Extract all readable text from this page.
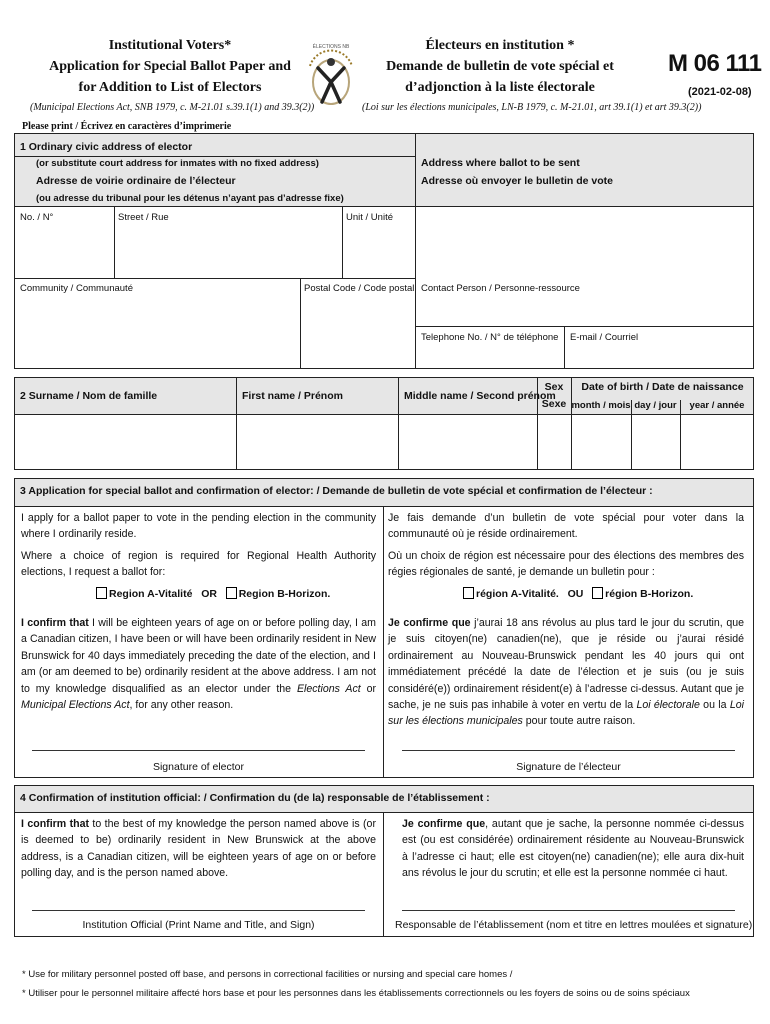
Institutional Voters*
Application for Special Ballot Paper and
for Addition to List of Electors
(Municipal Elections Act, SNB 1979, c. M-21.01 s.39.1(1) and 39.3(2))
ÉLECTIONS NB	Électeurs en institution *
Demande de bulletin de vote spécial et
d’adjonction à la liste électorale
(Loi sur les élections municipales, LN-B 1979, c. M-21.01, art 39.1(1) et art 39.3(2))
M 06 111
(2021-02-08)
Please print / Écrivez en caractères d’imprimerie
1 Ordinary civic address of elector
(or substitute court address for inmates with no fixed address)
Adresse de voirie ordinaire de l’électeur
(ou adresse du tribunal pour les détenus n’ayant pas d’adresse fixe)
No. / N°	Street / Rue	Unit / Unité
Community / Communauté	Postal Code / Code postal
Address where ballot to be sent
Adresse où envoyer le bulletin de vote
Contact Person / Personne-ressource
Telephone No. / N° de téléphone E-mail / Courriel
2 Surname / Nom de famille	First name / Prénom	Middle name / Second prénom
Sex
Sexe
Date of birth / Date de naissance
month / mois day / jour	year / année
3 Application for special ballot and confirmation of elector: / Demande de bulletin de vote spécial et confirmation de l’électeur :
I apply for a ballot paper to vote in the pending election in the community where I ordinarily reside.
Je fais demande d’un bulletin de vote spécial pour voter dans la communauté où je réside ordinairement.
Where a choice of region is required for Regional Health Authority elections, I request a ballot for:
Où un choix de région est nécessaire pour des élections des membres des régies régionales de santé, je demande un bulletin pour :
Region A-Vitalité OR Region B-Horizon.	région A-Vitalité. OU région B-Horizon.
I confirm that I will be eighteen years of age on or before polling day, I am a Canadian citizen, I have been or will have been ordinarily resident in New Brunswick for 40 days immediately preceding the date of the election, and I am (or am deemed to be) ordinarily resident at the above address. I am not to my knowledge disqualified as an elector under the Elections Act or Municipal Elections Act, for any other reason.
Je confirme que j’aurai 18 ans révolus au plus tard le jour du scrutin, que je suis citoyen(ne) canadien(ne), que je réside ou j’aurai résidé ordinairement au Nouveau-Brunswick pendant les 40 jours qui ont immédiatement précédé la date de l’élection et je suis (ou je suis considéré(e)) ordinairement résident(e) à l’adresse ci-dessus. Autant que je sache, je ne suis pas inhabile à voter en vertu de la Loi électorale ou la Loi sur les élections municipales pour toute autre raison.
Signature of elector	Signature de l’électeur
4 Confirmation of institution official: / Confirmation du (de la) responsable de l’établissement :
I confirm that to the best of my knowledge the person named above is (or is deemed to be) ordinarily resident in New Brunswick at the above address, is a Canadian citizen, will be eighteen years of age on or before polling day, and is the person named above.
Je confirme que, autant que je sache, la personne nommée ci-dessus est (ou est considérée) ordinairement résidente au Nouveau-Brunswick à l’adresse ci haut; elle est citoyen(ne) canadien(ne); elle aura dix-huit ans révolus le jour du scrutin; et elle est la personne nommée ci haut.
Institution Official (Print Name and Title, and Sign)	Responsable de l’établissement (nom et titre en lettres moulées et signature)
* Use for military personnel posted off base, and persons in correctional facilities or nursing and special care homes /
* Utiliser pour le personnel militaire affecté hors base et pour les personnes dans les établissements correctionnels ou les foyers de soins ou de soins spéciaux
